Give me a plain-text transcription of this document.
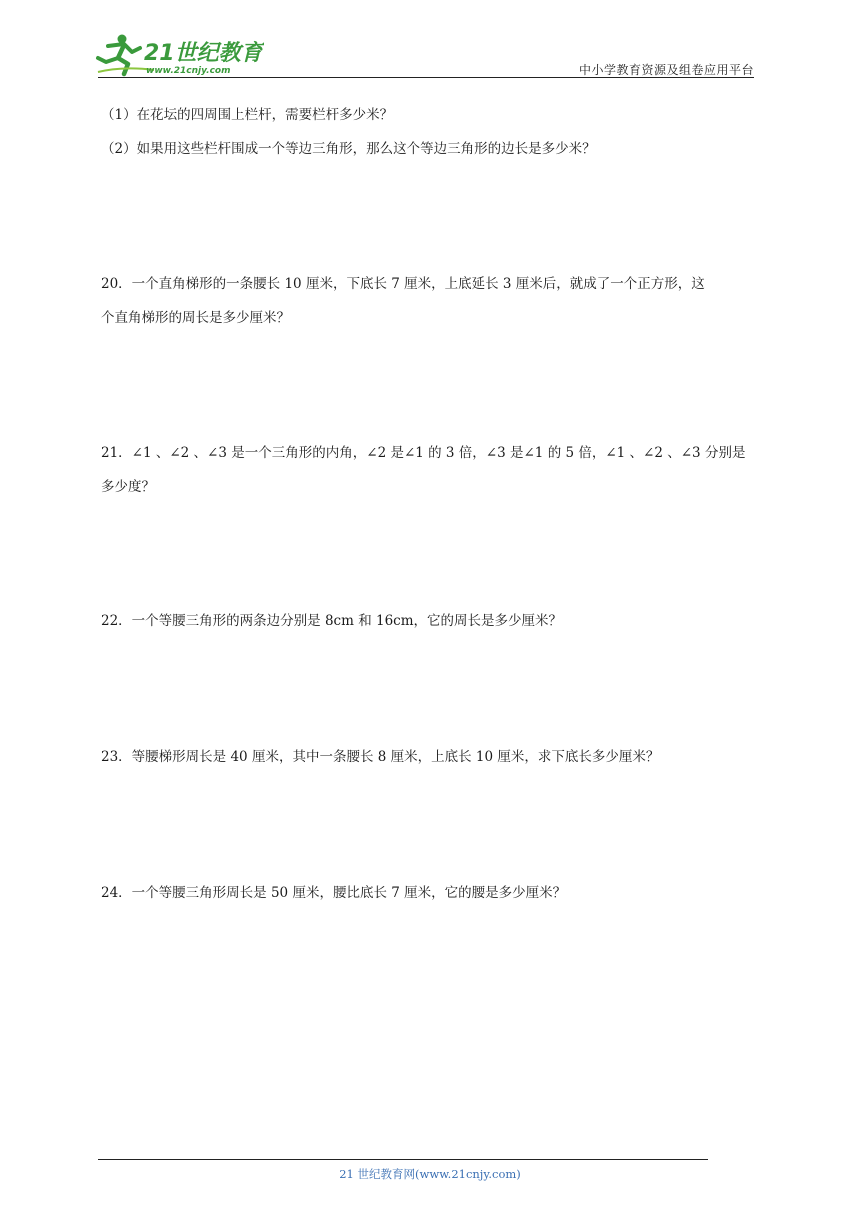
21世纪教育
www.21cnjy.com	中小学教育资源及组卷应用平台
（1）在花坛的四周围上栏杆，需要栏杆多少米？
（2）如果用这些栏杆围成一个等边三角形，那么这个等边三角形的边长是多少米？
20．一个直角梯形的一条腰长 10 厘米，下底长 7 厘米，上底延长 3 厘米后，就成了一个正方形，这
个直角梯形的周长是多少厘米？
21．∠1 、∠2 、∠3 是一个三角形的内角，∠2 是∠1 的 3 倍，∠3 是∠1 的 5 倍，∠1 、∠2 、∠3 分别是
多少度？
22．一个等腰三角形的两条边分别是 8cm 和 16cm，它的周长是多少厘米？
23．等腰梯形周长是 40 厘米，其中一条腰长 8 厘米，上底长 10 厘米，求下底长多少厘米？
24．一个等腰三角形周长是 50 厘米，腰比底长 7 厘米，它的腰是多少厘米？
21 世纪教育网(www.21cnjy.com)
